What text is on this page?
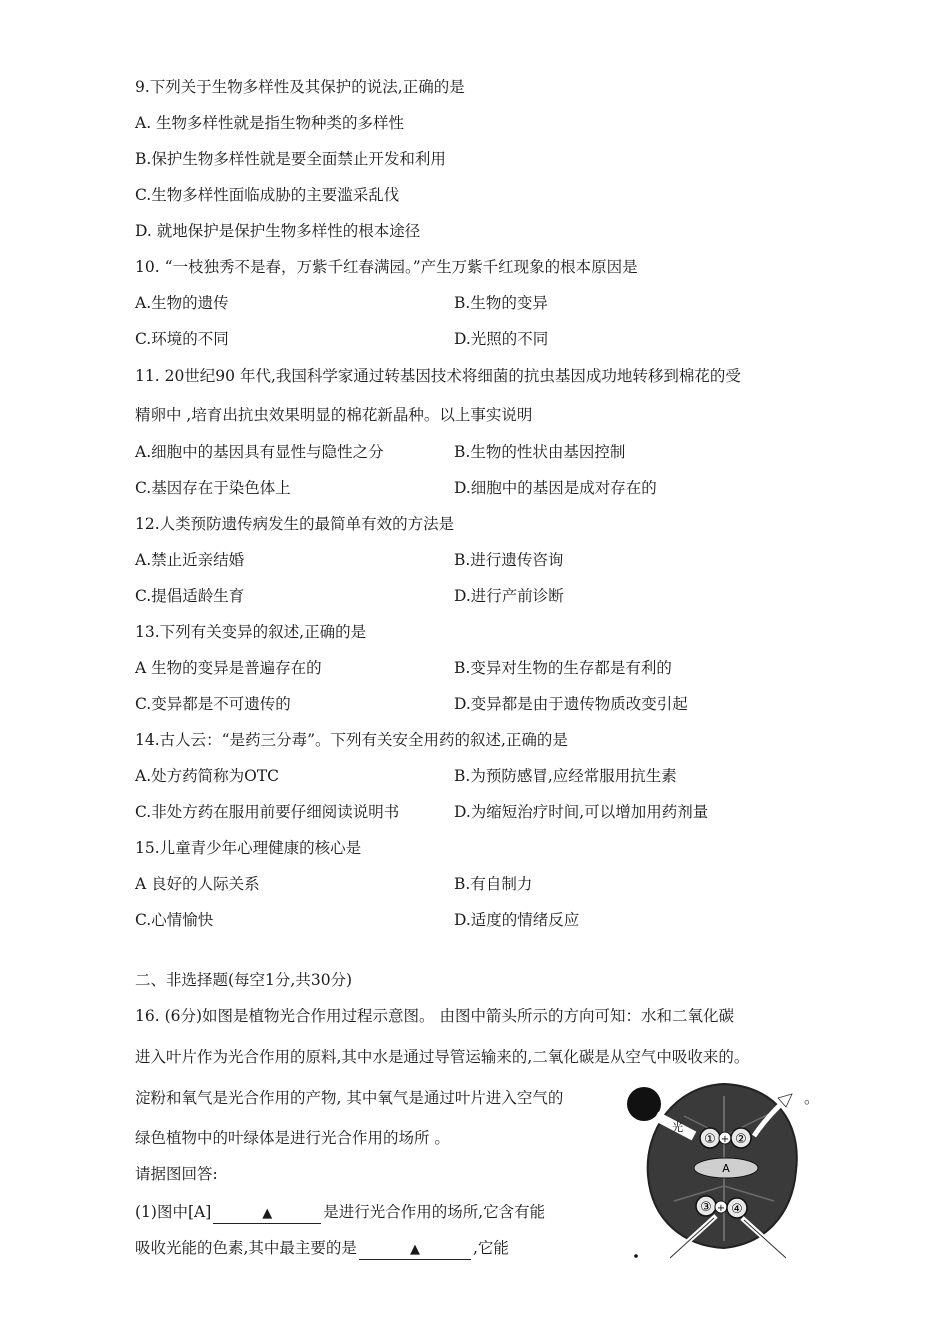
9.下列关于生物多样性及其保护的说法,正确的是
A. 生物多样性就是指生物种类的多样性
B.保护生物多样性就是要全面禁止开发和利用
C.生物多样性面临成胁的主要滥采乱伐
D. 就地保护是保护生物多样性的根本途径
10. “一枝独秀不是春，万紫千红春满园。”产生万紫千红现象的根本原因是
A.生物的遗传	B.生物的变异
C.环境的不同	D.光照的不同
11. 20世纪90 年代,我国科学家通过转基因技术将细菌的抗虫基因成功地转移到棉花的受
精卵中 ,培育出抗虫效果明显的棉花新晶种。以上事实说明
A.细胞中的基因具有显性与隐性之分	B.生物的性状由基因控制
C.基因存在于染色体上	D.细胞中的基因是成对存在的
12.人类预防遗传病发生的最简单有效的方法是
A.禁止近亲结婚	B.进行遗传咨询
C.提倡适龄生育	D.进行产前诊断
13.下列有关变异的叙述,正确的是
A 生物的变异是普遍存在的	B.变异对生物的生存都是有利的
C.变异都是不可遗传的	D.变异都是由于遗传物质改变引起
14.古人云：“是药三分毒”。下列有关安全用药的叙述,正确的是
A.处方药简称为OTC	B.为预防感冒,应经常服用抗生素
C.非处方药在服用前要仔细阅读说明书	D.为缩短治疗时间,可以增加用药剂量
15.儿童青少年心理健康的核心是
A 良好的人际关系	B.有自制力
C.心情愉快	D.适度的情绪反应
二、非选择题(每空1分,共30分)
16. (6分)如图是植物光合作用过程示意图。 由图中箭头所示的方向可知：水和二氧化碳
进入叶片作为光合作用的原料,其中水是通过导管运输来的,二氧化碳是从空气中吸收来的。
淀粉和氧气是光合作用的产物, 其中氧气是通过叶片进入空气的	。
绿色植物中的叶绿体是进行光合作用的场所 。
请据图回答:
(1)图中[A]	▲	是进行光合作用的场所,它含有能
吸收光能的色素,其中最主要的是	▲	,它能
光
① + ②
A
③ + ④
